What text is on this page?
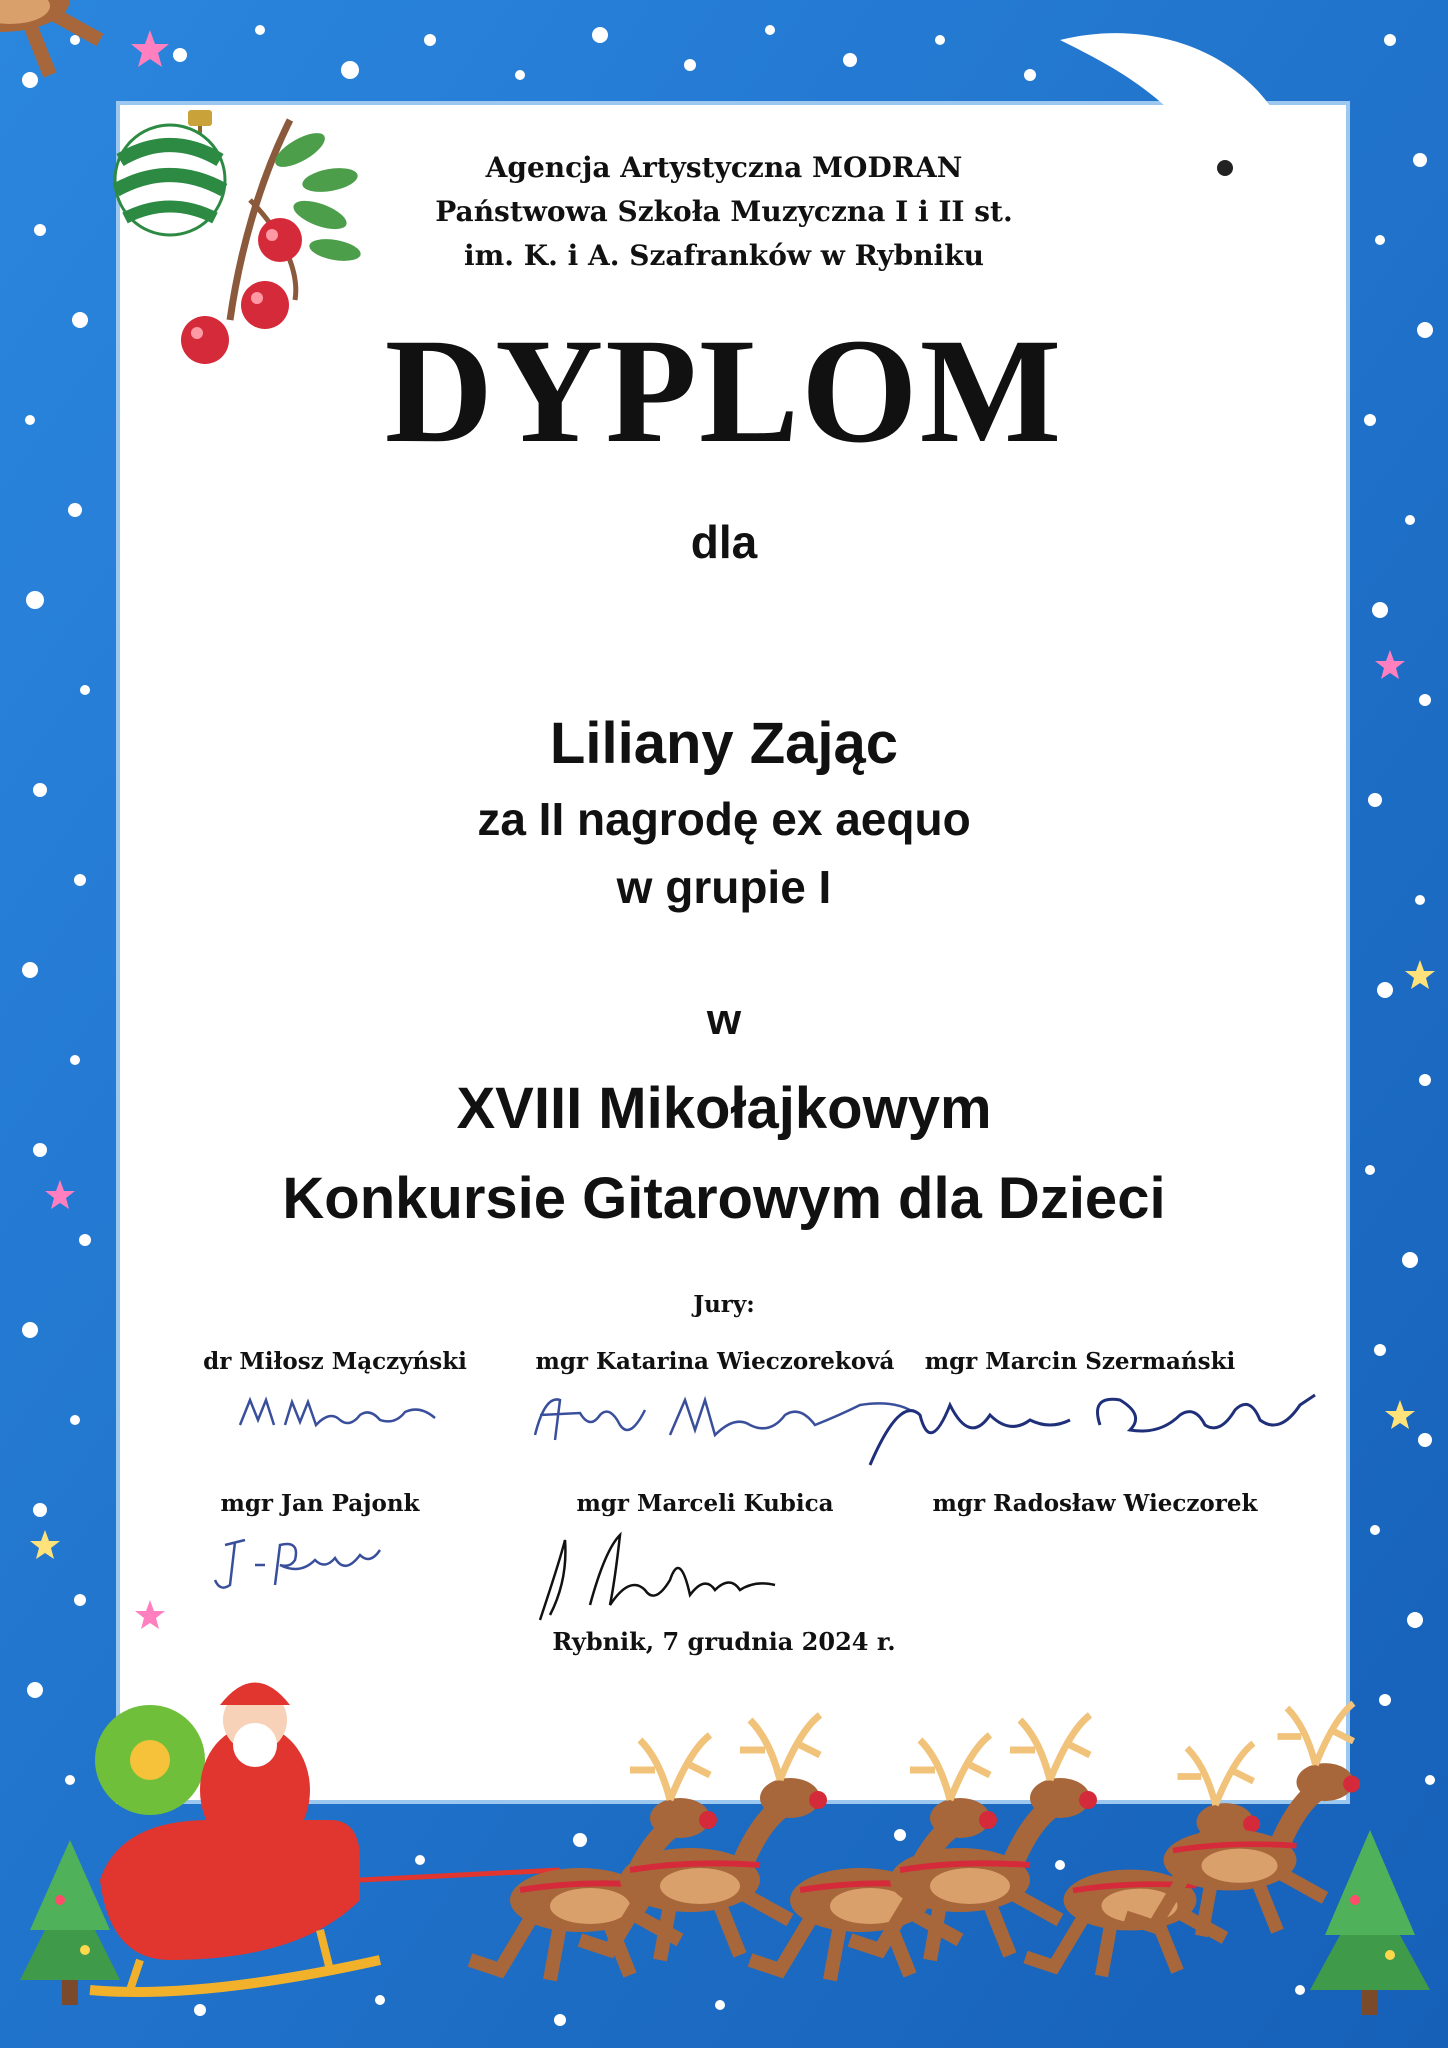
Agencja Artystyczna MODRAN
Państwowa Szkoła Muzyczna I i II st.
im. K. i A. Szafranków w Rybniku
DYPLOM
dla
Liliany Zając
za II nagrodę ex aequo
w grupie I
w
XVIII Mikołajkowym
Konkursie Gitarowym dla Dzieci
Jury:
dr Miłosz Mączyński	mgr Katarina Wieczoreková	mgr Marcin Szermański
mgr Jan Pajonk	mgr Marceli Kubica	mgr Radosław Wieczorek
Rybnik, 7 grudnia 2024 r.
